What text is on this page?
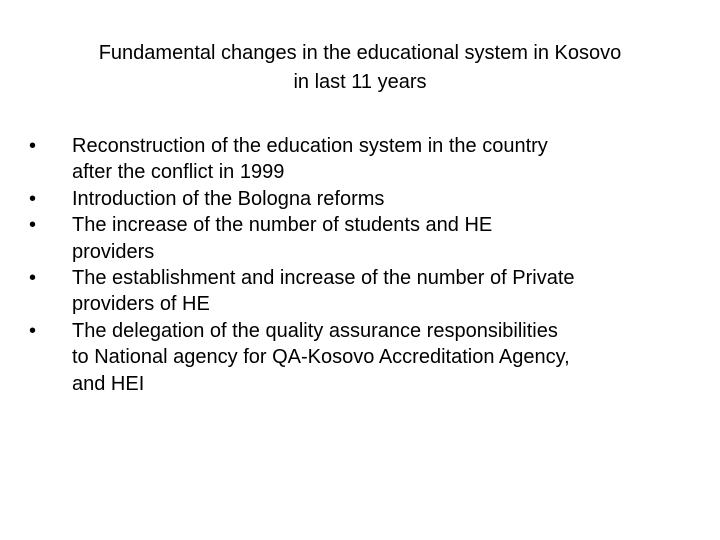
Fundamental changes in the educational system in Kosovo
in last 11 years
•	Reconstruction of the education system in the country
after the conflict in 1999
•	Introduction of the Bologna reforms
•	The increase of the number of students and HE
providers
•	The establishment and increase of the number of Private
providers of HE
•	The delegation of the quality assurance responsibilities
to National agency for QA-Kosovo Accreditation Agency,
and HEI
